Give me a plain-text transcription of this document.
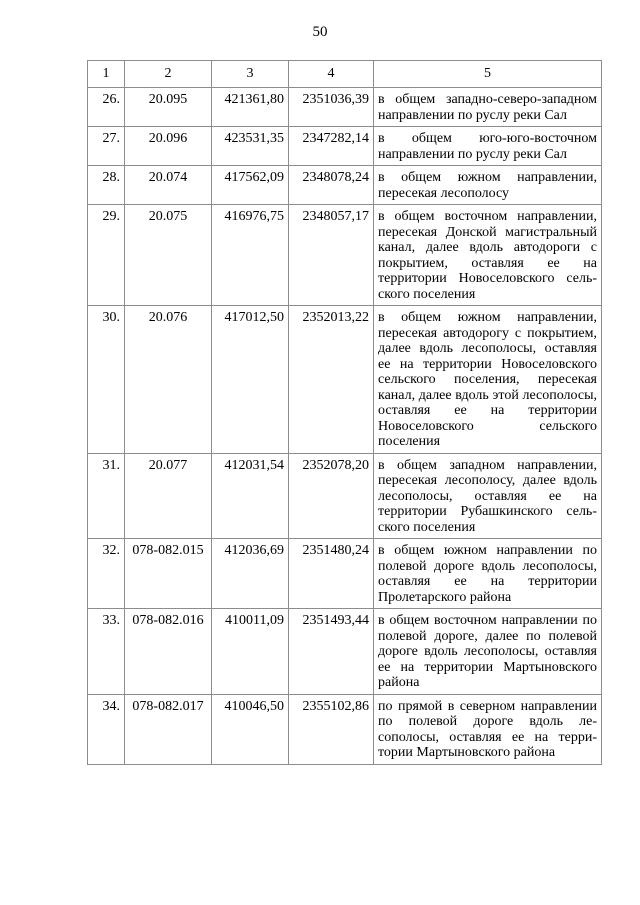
50
1	2	3	4	5
26.	20.095	421361,80	2351036,39	в общем западно-северо-западном направлении по руслу реки Сал
27.	20.096	423531,35	2347282,14	в общем юго-юго-восточном направлении по руслу реки Сал
28.	20.074	417562,09	2348078,24	в общем южном направлении, пересекая лесополосу
29.	20.075	416976,75	2348057,17	в общем восточном направлении, пересекая Донской магистральный канал, далее вдоль автодороги с покрытием, оставляя ее на территории Новоселовского сельского поселения
30.	20.076	417012,50	2352013,22	в общем южном направлении, пересекая автодорогу с покрытием, далее вдоль лесополосы, оставляя ее на территории Новоселовского сельского поселения, пересекая канал, далее вдоль этой лесополосы, оставляя ее на территории Новоселовского сельского поселения
31.	20.077	412031,54	2352078,20	в общем западном направлении, пересекая лесополосу, далее вдоль лесополосы, оставляя ее на территории Рубашкинского сельского поселения
32.	078-082.015	412036,69	2351480,24	в общем южном направлении по полевой дороге вдоль лесополосы, оставляя ее на территории Пролетарского района
33.	078-082.016	410011,09	2351493,44	в общем восточном направлении по полевой дороге, далее по полевой дороге вдоль лесополосы, оставляя ее на территории Мартыновского района
34.	078-082.017	410046,50	2355102,86	по прямой в северном направлении по полевой дороге вдоль лесополосы, оставляя ее на территории Мартыновского района
